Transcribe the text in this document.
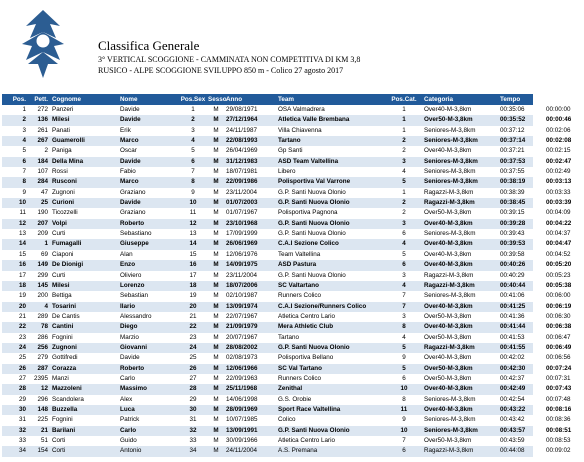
Classifica Generale
3° VERTICAL SCOGGIONE - CAMMINATA NON COMPETITIVA DI KM 3,8
RUSICO - ALPE SCOGGIONE SVILUPPO 850 m - Colico 27 agosto 2017
Pos.	Pett. Cognome	Nome	Pos.Sex Sesso Anno	Team	Pos.Cat.	Categoria	Tempo	Gap
1	272 Panzeri	Davide	1	M	29/08/1971	OSA Valmadrera	1	Over40-M-3,8km	00:35:06	00:00:00
2	136 Milesi	Davide	2	M	27/12/1964	Atletica Valle Brembana	1	Over50-M-3,8km	00:35:52	00:00:46
3	261 Panati	Erik	3	M	24/11/1987	Villa Chiavenna	1	Seniores-M-3,8km	00:37:12	00:02:06
4	267 Guamerolli	Marco	4	M	22/08/1993	Tartano	2	Seniores-M-3,8km	00:37:14	00:02:08
5	2 Paniga	Oscar	5	M	26/04/1969	Gp Santi	2	Over40-M-3,8km	00:37:21	00:02:15
6	184 Della Mina	Davide	6	M	31/12/1983	ASD Team Valtellina	3	Seniores-M-3,8km	00:37:53	00:02:47
7	107 Rossi	Fabio	7	M	18/07/1981	Libero	4	Seniores-M-3,8km	00:37:55	00:02:49
8	284 Rusconi	Marco	8	M	22/09/1986	Polisportiva Val Varrone	5	Seniores-M-3,8km	00:38:19	00:03:13
9	47 Zugnoni	Graziano	9	M	23/11/2004	G.P. Santi Nuova Olonio	1	Ragazzi-M-3,8km	00:38:39	00:03:33
10	25 Curioni	Davide	10	M	01/07/2003	G.P. Santi Nuova Olonio	2	Ragazzi-M-3,8km	00:38:45	00:03:39
11	190 Ticozzelli	Graziano	11	M	01/07/1967	Polisportiva Pagnona	2	Over50-M-3,8km	00:39:15	00:04:09
12	207 Volpi	Roberto	12	M	23/10/1968	G.P. Santi Nuova Olonio	3	Over40-M-3,8km	00:39:28	00:04:22
13	209 Curti	Sebastiano	13	M	17/09/1999	G.P. Santi Nuova Olonio	6	Seniores-M-3,8km	00:39:43	00:04:37
14	1 Fumagalli	Giuseppe	14	M	26/06/1969	C.A.I Sezione Colico	4	Over40-M-3,8km	00:39:53	00:04:47
15	69 Ciaponi	Alan	15	M	12/06/1976	Team Valtellina	5	Over40-M-3,8km	00:39:58	00:04:52
16	149 De Dionigi	Enzo	16	M	14/09/1975	ASD Pastura	6	Over40-M-3,8km	00:40:26	00:05:20
17	299 Curti	Oliviero	17	M	23/11/2004	G.P. Santi Nuova Olonio	3	Ragazzi-M-3,8km	00:40:29	00:05:23
18	145 Milesi	Lorenzo	18	M	18/07/2006	SC Valtartano	4	Ragazzi-M-3,8km	00:40:44	00:05:38
19	200 Bettiga	Sebastian	19	M	02/10/1987	Runners Colico	7	Seniores-M-3,8km	00:41:06	00:06:00
20	4 Tosarini	Ilario	20	M	13/09/1974	C.A.I Sezione/Runners Colico	7	Over40-M-3,8km	00:41:25	00:06:19
21	289 De Cantis	Alessandro	21	M	22/07/1967	Atletica Centro Lario	3	Over50-M-3,8km	00:41:36	00:06:30
22	78 Cantini	Diego	22	M	21/09/1979	Mera Athletic Club	8	Over40-M-3,8km	00:41:44	00:06:38
23	286 Fognini	Marzio	23	M	20/07/1967	Tartano	4	Over50-M-3,8km	00:41:53	00:06:47
24	256 Zugnoni	Giovanni	24	M	28/08/2002	G.P. Santi Nuova Olonio	5	Ragazzi-M-3,8km	00:41:55	00:06:49
25	279 Gottifredi	Davide	25	M	02/08/1973	Polisportiva Bellano	9	Over40-M-3,8km	00:42:02	00:06:56
26	287 Corazza	Roberto	26	M	12/06/1966	SC Val Tartano	5	Over50-M-3,8km	00:42:30	00:07:24
27	2395 Manzi	Carlo	27	M	22/09/1963	Runners Colico	6	Over50-M-3,8km	00:42:37	00:07:31
28	12 Mazzoleni	Massimo	28	M	25/11/1968	Zenithal	10	Over40-M-3,8km	00:42:49	00:07:43
29	296 Scandolera	Alex	29	M	14/06/1998	G.S. Orobie	8	Seniores-M-3,8km	00:42:54	00:07:48
30	148 Buzzella	Luca	30	M	28/09/1969	Sport Race Valtellina	11	Over40-M-3,8km	00:43:22	00:08:16
31	225 Fognini	Patrick	31	M	10/07/1985	Colico	9	Seniores-M-3,8km	00:43:42	00:08:36
32	21 Barilani	Carlo	32	M	13/09/1991	G.P. Santi Nuova Olonio	10	Seniores-M-3,8km	00:43:57	00:08:51
33	51 Corti	Guido	33	M	30/09/1966	Atletica Centro Lario	7	Over50-M-3,8km	00:43:59	00:08:53
34	154 Corti	Antonio	34	M	24/11/2004	A.S. Premana	6	Ragazzi-M-3,8km	00:44:08	00:09:02
